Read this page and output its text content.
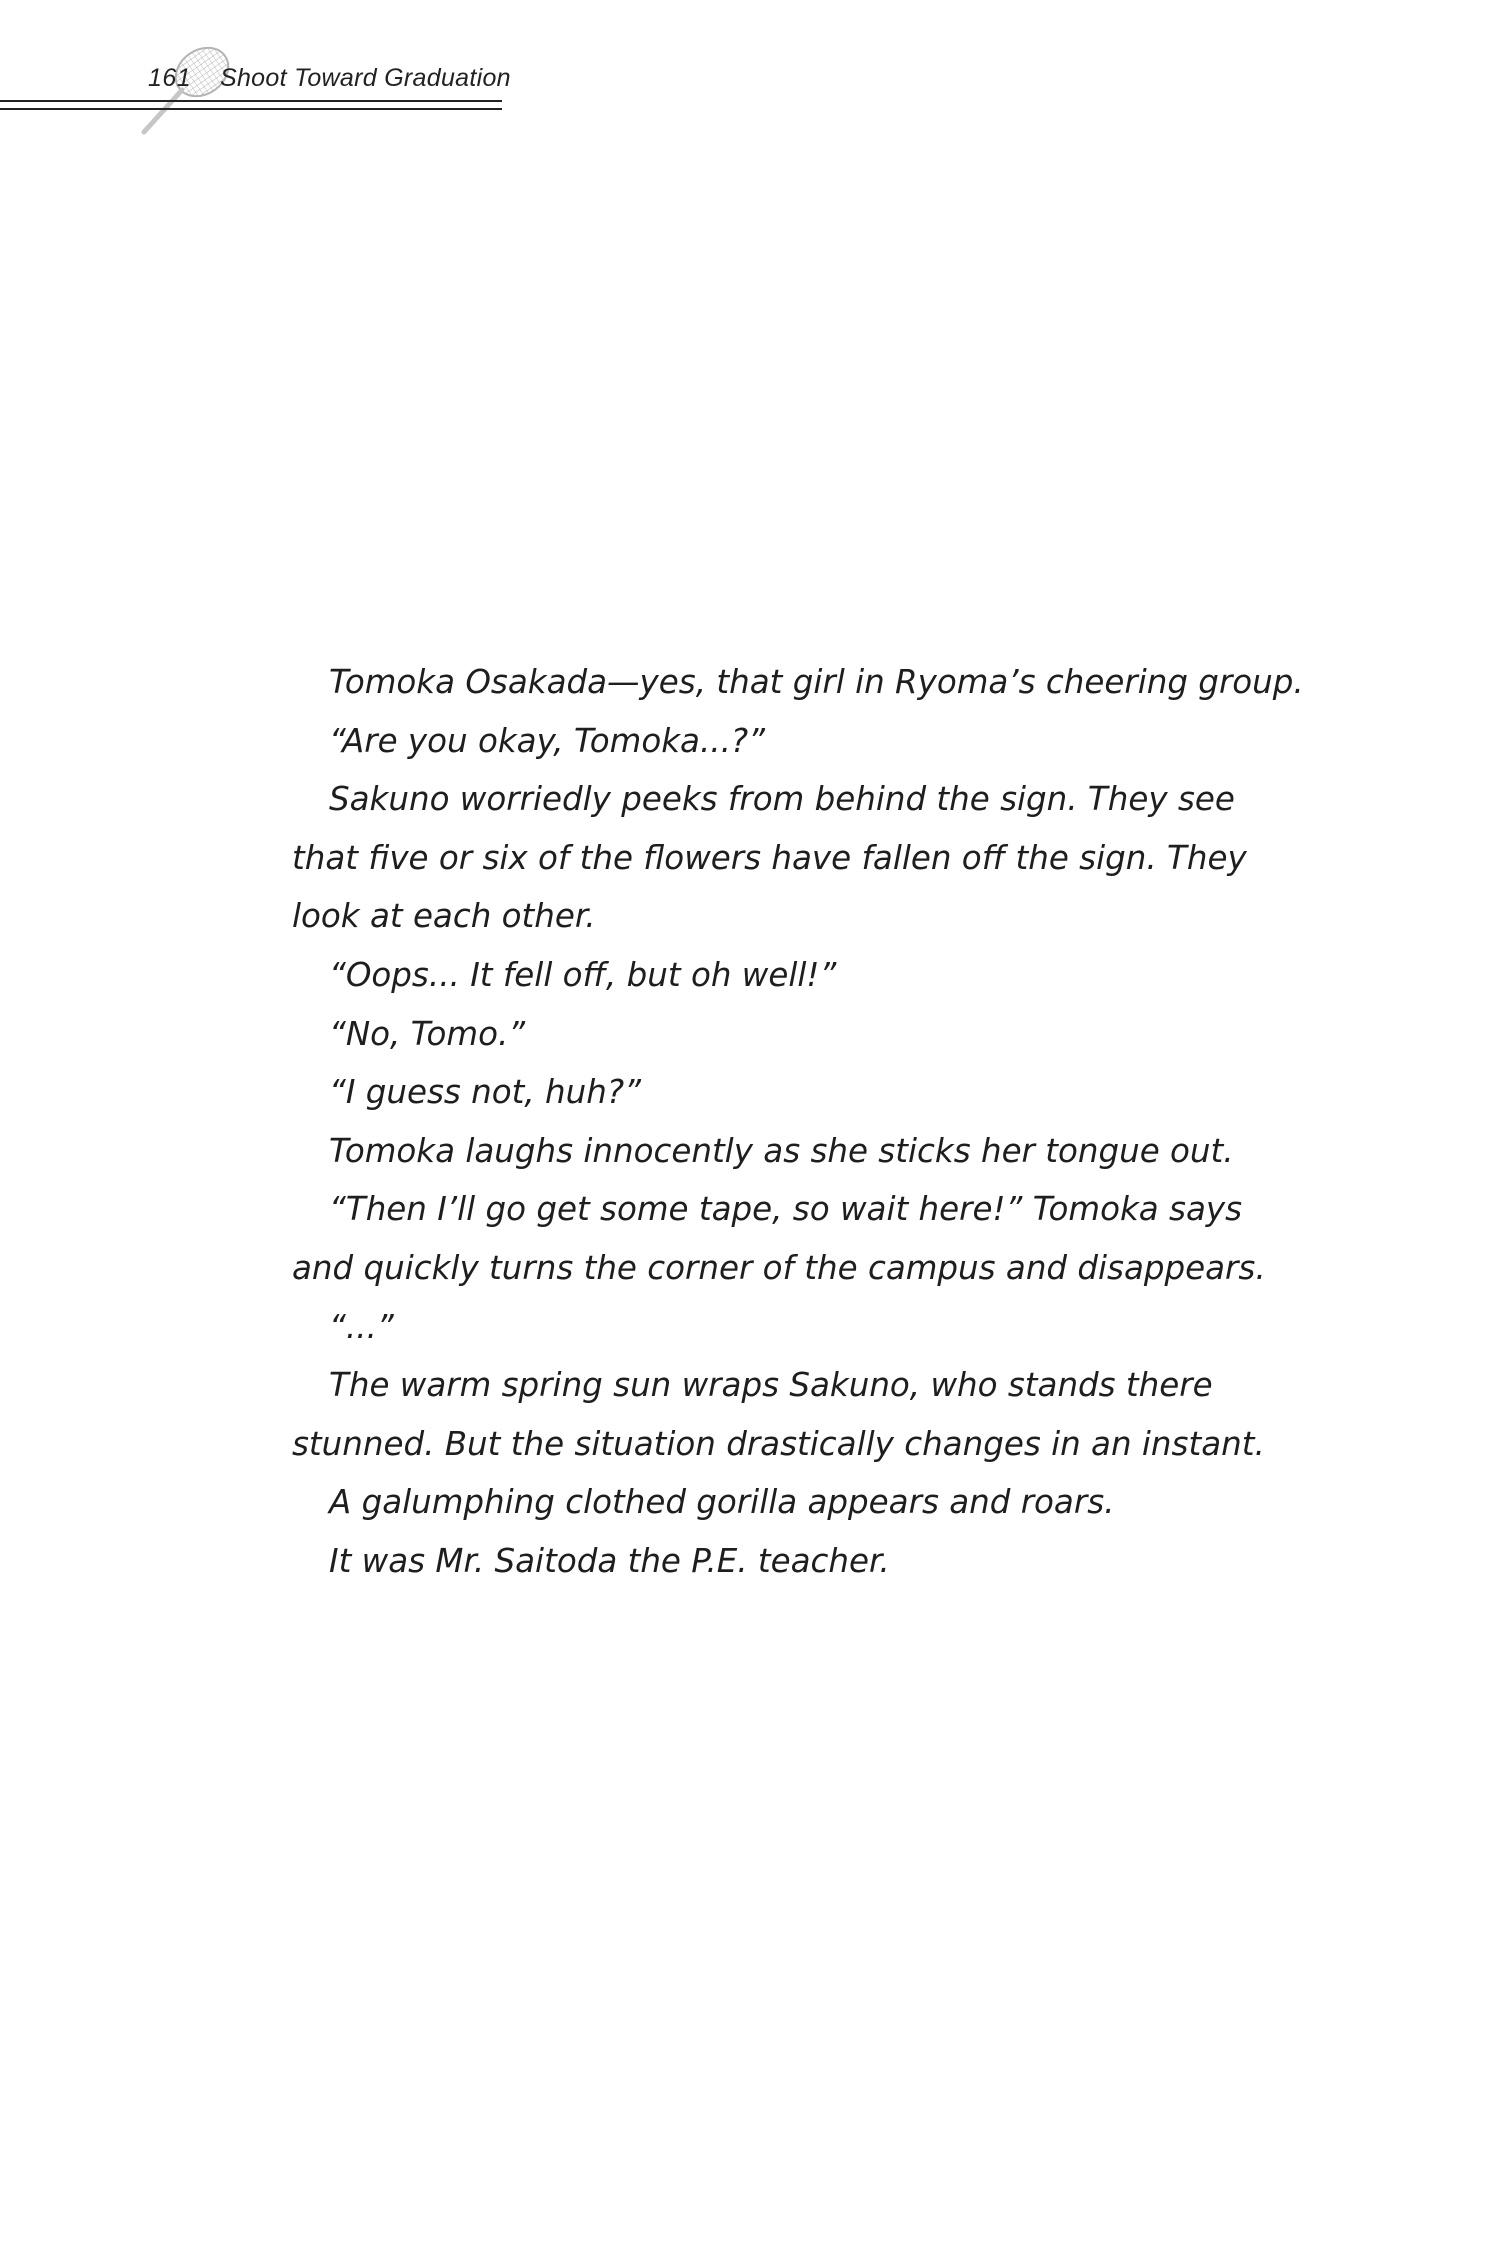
161 Shoot Toward Graduation
Tomoka Osakada—yes, that girl in Ryoma’s cheering group.
“Are you okay, Tomoka...?”
Sakuno worriedly peeks from behind the sign. They see
that five or six of the flowers have fallen off the sign. They
look at each other.
“Oops... It fell off, but oh well!”
“No, Tomo.”
“I guess not, huh?”
Tomoka laughs innocently as she sticks her tongue out.
“Then I’ll go get some tape, so wait here!” Tomoka says
and quickly turns the corner of the campus and disappears.
“...”
The warm spring sun wraps Sakuno, who stands there
stunned. But the situation drastically changes in an instant.
A galumphing clothed gorilla appears and roars.
It was Mr. Saitoda the P.E. teacher.
